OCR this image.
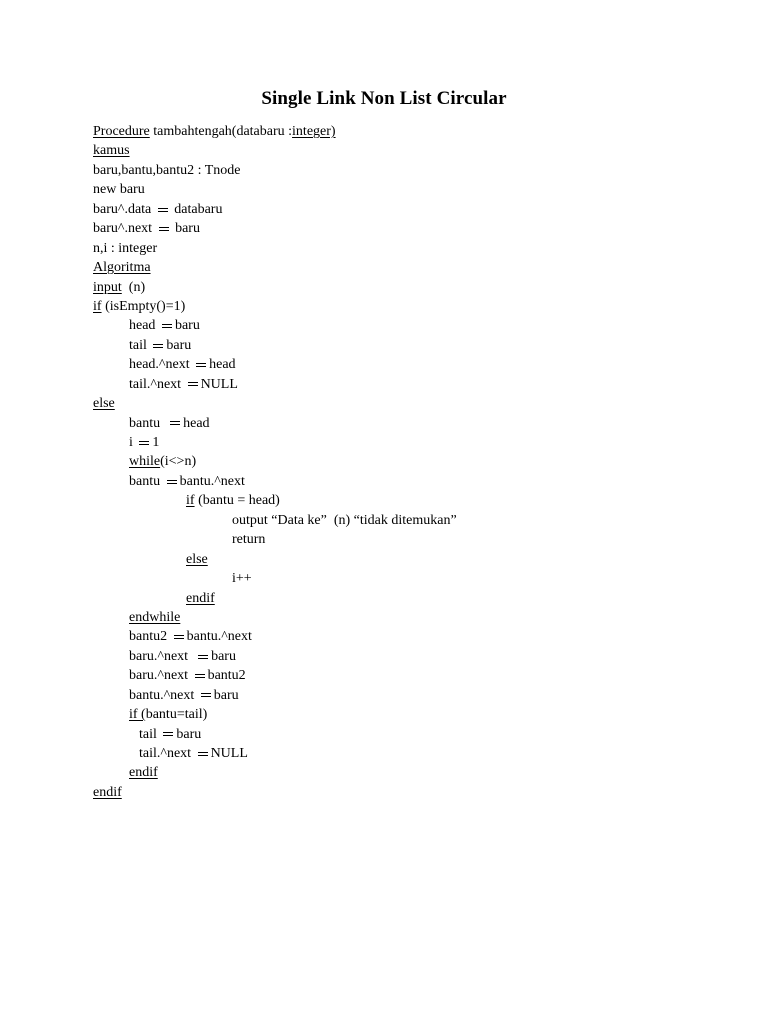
Single Link Non List Circular
Procedure tambahtengah(databaru :integer)
kamus
baru,bantu,bantu2 : Tnode
new baru
baru^.data  databaru
baru^.next  baru
n,i : integer
Algoritma
input  (n)
if (isEmpty()=1)
head baru
tail baru
head.^next head
tail.^next NULL
else
bantu  head
i 1
while(i<>n)
bantu bantu.^next
if (bantu = head)
output “Data ke”  (n) “tidak ditemukan”
return
else
i++
endif
endwhile
bantu2 bantu.^next
baru.^next  baru
baru.^next bantu2
bantu.^next baru
if (bantu=tail)
tail baru
tail.^next NULL
endif
endif
